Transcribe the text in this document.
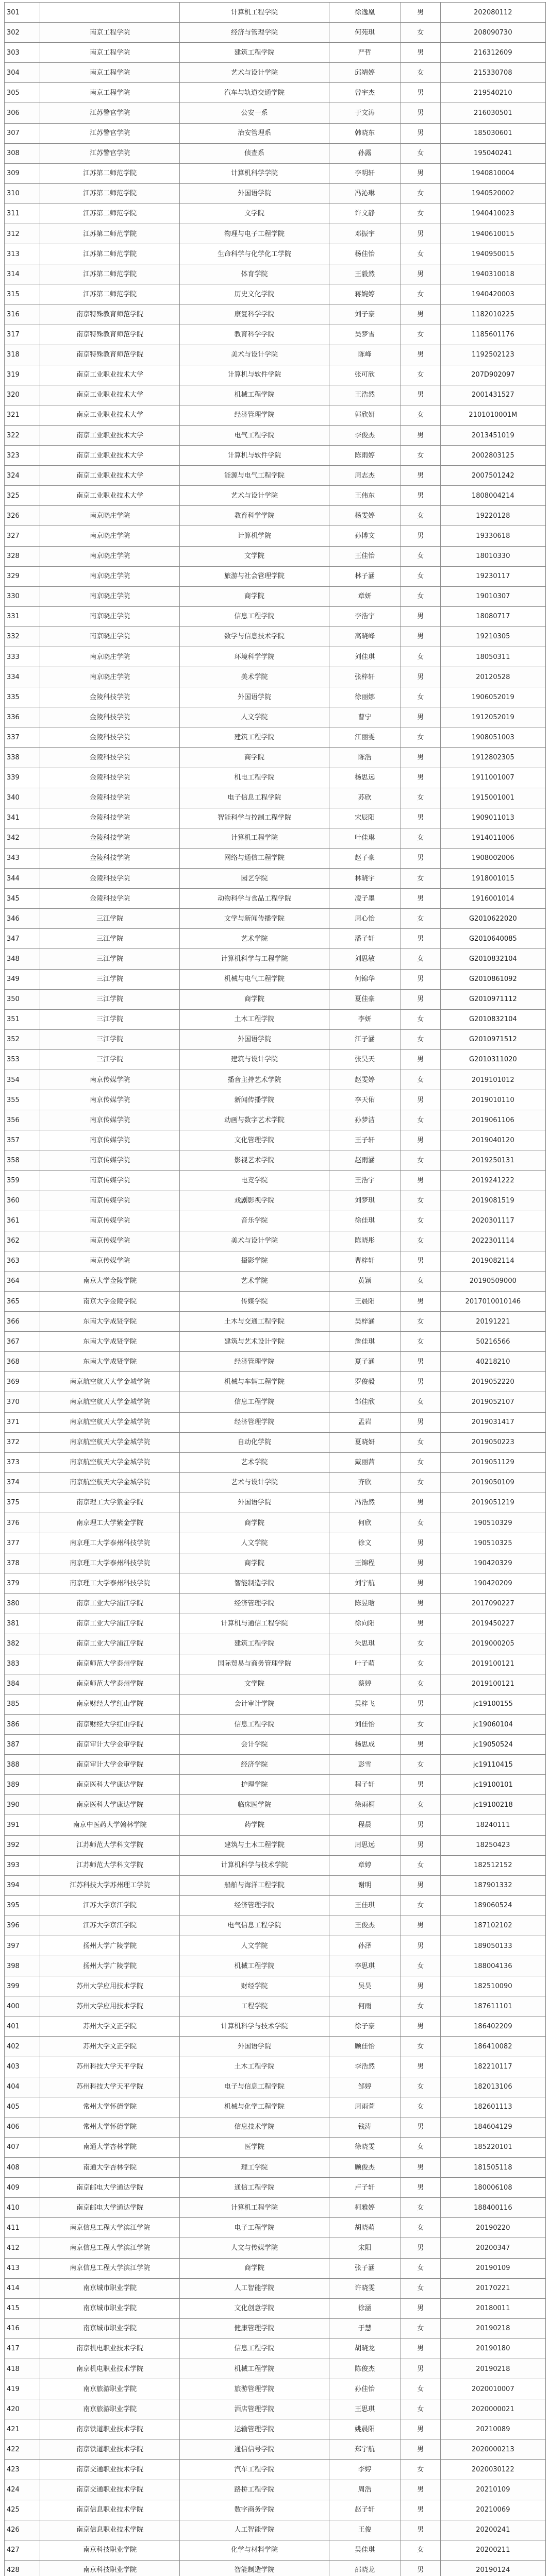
301		计算机工程学院	徐逸凰	男	202080112
302	南京工程学院	经济与管理学院	何苑琪	女	208090730
303	南京工程学院	建筑工程学院	严哲	男	216312609
304	南京工程学院	艺术与设计学院	邱靖婷	女	215330708
305	南京工程学院	汽车与轨道交通学院	曾宇杰	男	219540210
306	江苏警官学院	公安一系	于文涛	男	216030501
307	江苏警官学院	治安管理系	韩晓东	男	185030601
308	江苏警官学院	侦查系	孙露	女	195040241
309	江苏第二师范学院	计算机科学学院	李明轩	男	1940810004
310	江苏第二师范学院	外国语学院	冯沁琳	女	1940520002
311	江苏第二师范学院	文学院	许文静	女	1940410023
312	江苏第二师范学院	物理与电子工程学院	邓振宇	男	1940610015
313	江苏第二师范学院	生命科学与化学化工学院	杨佳怡	女	1940950015
314	江苏第二师范学院	体育学院	王毅然	男	1940310018
315	江苏第二师范学院	历史文化学院	蒋婉婷	女	1940420003
316	南京特殊教育师范学院	康复科学学院	刘子豪	男	1182010225
317	南京特殊教育师范学院	教育科学学院	吴梦雪	女	1185601176
318	南京特殊教育师范学院	美术与设计学院	陈峰	男	1192502123
319	南京工业职业技术大学	计算机与软件学院	张可欣	女	207D902097
320	南京工业职业技术大学	机械工程学院	王浩然	男	2001431527
321	南京工业职业技术大学	经济管理学院	郭欣妍	女	2101010001M
322	南京工业职业技术大学	电气工程学院	李俊杰	男	2013451019
323	南京工业职业技术大学	计算机与软件学院	陈雨婷	女	2002803125
324	南京工业职业技术大学	能源与电气工程学院	周志杰	男	2007501242
325	南京工业职业技术大学	艺术与设计学院	王伟东	男	1808004214
326	南京晓庄学院	教育科学学院	杨雯婷	女	19220128
327	南京晓庄学院	计算机学院	孙博文	男	19330618
328	南京晓庄学院	文学院	王佳怡	女	18010330
329	南京晓庄学院	旅游与社会管理学院	林子涵	女	19230117
330	南京晓庄学院	商学院	章妍	女	19010307
331	南京晓庄学院	信息工程学院	李浩宇	男	18080717
332	南京晓庄学院	数学与信息技术学院	高晓峰	男	19210305
333	南京晓庄学院	环境科学学院	刘佳琪	女	18050311
334	南京晓庄学院	美术学院	张梓轩	男	20120528
335	金陵科技学院	外国语学院	徐丽娜	女	1906052019
336	金陵科技学院	人文学院	曹宁	男	1912052019
337	金陵科技学院	建筑工程学院	江丽雯	女	1908051003
338	金陵科技学院	商学院	陈浩	男	1912802305
339	金陵科技学院	机电工程学院	杨思远	男	1911001007
340	金陵科技学院	电子信息工程学院	苏欣	女	1915001001
341	金陵科技学院	智能科学与控制工程学院	宋辰阳	男	1909011013
342	金陵科技学院	计算机工程学院	叶佳琳	女	1914011006
343	金陵科技学院	网络与通信工程学院	赵子豪	男	1908002006
344	金陵科技学院	园艺学院	林晓宇	女	1918001015
345	金陵科技学院	动物科学与食品工程学院	凌子墨	男	1916001014
346	三江学院	文学与新闻传播学院	周心怡	女	G2010622020
347	三江学院	艺术学院	潘子轩	男	G2010640085
348	三江学院	计算机科学与工程学院	刘思敏	女	G2010832104
349	三江学院	机械与电气工程学院	何锦华	男	G2010861092
350	三江学院	商学院	夏佳豪	男	G2010971112
351	三江学院	土木工程学院	李妍	女	G2010832104
352	三江学院	外国语学院	江子涵	女	G2010971512
353	三江学院	建筑与设计学院	张昊天	男	G2010311020
354	南京传媒学院	播音主持艺术学院	赵雯婷	女	2019101012
355	南京传媒学院	新闻传播学院	李天佑	男	2019010110
356	南京传媒学院	动画与数字艺术学院	孙梦洁	女	2019061106
357	南京传媒学院	文化管理学院	王子轩	男	2019040120
358	南京传媒学院	影视艺术学院	赵雨涵	女	2019250131
359	南京传媒学院	电竞学院	王浩宇	男	2019241222
360	南京传媒学院	戏剧影视学院	刘梦琪	女	2019081519
361	南京传媒学院	音乐学院	徐佳琪	女	2020301117
362	南京传媒学院	美术与设计学院	陈晓彤	女	2022301114
363	南京传媒学院	摄影学院	曹梓轩	男	2019082114
364	南京大学金陵学院	艺术学院	黄颖	女	20190509000
365	南京大学金陵学院	传媒学院	王晨阳	男	2017010010146
366	东南大学成贤学院	土木与交通工程学院	吴梓涵	女	20191221
367	东南大学成贤学院	建筑与艺术设计学院	詹佳琪	女	50216566
368	东南大学成贤学院	经济管理学院	夏子涵	男	40218210
369	南京航空航天大学金城学院	机械与车辆工程学院	罗俊毅	男	2019052220
370	南京航空航天大学金城学院	信息工程学院	邹佳欣	女	2019052107
371	南京航空航天大学金城学院	经济管理学院	孟岩	男	2019031417
372	南京航空航天大学金城学院	自动化学院	夏晓妍	女	2019050223
373	南京航空航天大学金城学院	艺术学院	戴丽茜	女	2019051129
374	南京航空航天大学金城学院	艺术与设计学院	齐欣	女	2019050109
375	南京理工大学紫金学院	外国语学院	冯浩然	男	2019051219
376	南京理工大学紫金学院	商学院	何欣	女	190510329
377	南京理工大学泰州科技学院	人文学院	徐文	男	190510325
378	南京理工大学泰州科技学院	商学院	王锦程	男	190420329
379	南京理工大学泰州科技学院	智能制造学院	刘宇航	男	190420209
380	南京工业大学浦江学院	经济管理学院	陈昱晗	男	2017090227
381	南京工业大学浦江学院	计算机与通信工程学院	徐向阳	男	2019450227
382	南京工业大学浦江学院	建筑工程学院	朱思琪	女	2019000205
383	南京师范大学泰州学院	国际贸易与商务管理学院	叶子萌	女	2019100121
384	南京师范大学泰州学院	文学院	蔡婷	女	2019100121
385	南京财经大学红山学院	会计审计学院	吴梓飞	男	jc19100155
386	南京财经大学红山学院	信息工程学院	刘佳怡	女	jc19060104
387	南京审计大学金审学院	会计学院	杨思成	男	jc19050524
388	南京审计大学金审学院	经济学院	彭雪	女	jc19110415
389	南京医科大学康达学院	护理学院	程子轩	男	jc19100101
390	南京医科大学康达学院	临床医学院	徐雨桐	女	jc19100218
391	南京中医药大学翰林学院	药学院	程晨	男	18240111
392	江苏师范大学科文学院	建筑与土木工程学院	周思远	男	18250423
393	江苏师范大学科文学院	计算机科学与技术学院	章婷	女	182512152
394	江苏科技大学苏州理工学院	船舶与海洋工程学院	谢明	男	187901332
395	江苏大学京江学院	经济管理学院	王佳琪	女	189060524
396	江苏大学京江学院	电气信息工程学院	王俊杰	男	187102102
397	扬州大学广陵学院	人文学院	孙泽	男	189050133
398	扬州大学广陵学院	机械工程学院	李思琪	女	188004136
399	苏州大学应用技术学院	财经学院	吴昊	男	182510090
400	苏州大学应用技术学院	工程学院	何雨	女	187611101
401	苏州大学文正学院	计算机科学与技术学院	徐子豪	男	186402209
402	苏州大学文正学院	外国语学院	顾佳怡	女	186410082
403	苏州科技大学天平学院	土木工程学院	李浩然	男	182210117
404	苏州科技大学天平学院	电子与信息工程学院	邹婷	女	182013106
405	常州大学怀德学院	机械与化学工程学院	周雨萱	女	182601113
406	常州大学怀德学院	信息技术学院	钱涛	男	184604129
407	南通大学杏林学院	医学院	徐晓雯	女	185220101
408	南通大学杏林学院	理工学院	顾俊杰	男	181505118
409	南京邮电大学通达学院	通信工程学院	卢子轩	男	180006108
410	南京邮电大学通达学院	计算机工程学院	柯雅婷	女	188400116
411	南京信息工程大学滨江学院	电子工程学院	胡晓萌	女	20190220
412	南京信息工程大学滨江学院	人文与传媒学院	宋阳	男	20200347
413	南京信息工程大学滨江学院	商学院	张子涵	女	20190109
414	南京城市职业学院	人工智能学院	许晓雯	女	20170221
415	南京城市职业学院	文化创意学院	徐涵	男	20180011
416	南京城市职业学院	健康管理学院	于慧	女	20190218
417	南京机电职业技术学院	信息工程学院	胡晓龙	男	20190180
418	南京机电职业技术学院	机械工程学院	陈俊杰	男	20190218
419	南京旅游职业学院	旅游管理学院	孙佳怡	女	2020010007
420	南京旅游职业学院	酒店管理学院	王思琪	女	2020000021
421	南京铁道职业技术学院	运输管理学院	姚晨阳	男	20210089
422	南京铁道职业技术学院	通信信号学院	郑宇航	男	2020000213
423	南京交通职业技术学院	汽车工程学院	李婷	女	2020030122
424	南京交通职业技术学院	路桥工程学院	周浩	男	20210109
425	南京信息职业技术学院	数字商务学院	赵子轩	男	20210069
426	南京信息职业技术学院	人工智能学院	王俊	男	20200241
427	南京科技职业学院	化学与材料学院	吴佳琪	女	20200211
428	南京科技职业学院	智能制造学院	邵晓龙	男	20190124
